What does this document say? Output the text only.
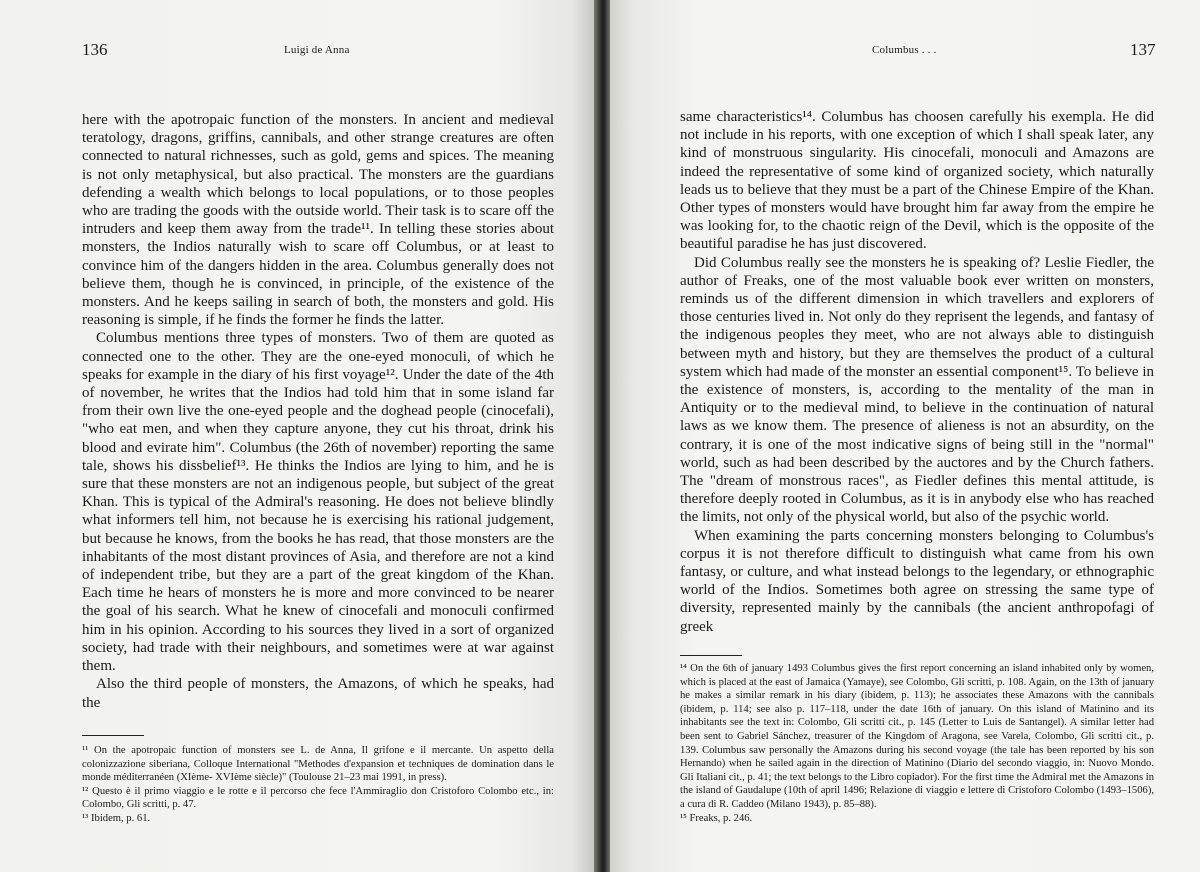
136	Luigi de Anna

here with the apotropaic function of the monsters. In ancient and medieval teratology, dragons, griffins, cannibals, and other strange creatures are often connected to natural richnesses, such as gold, gems and spices. The meaning is not only metaphysical, but also practical. The monsters are the guardians defending a wealth which belongs to local populations, or to those peoples who are trading the goods with the outside world. Their task is to scare off the intruders and keep them away from the trade¹¹. In telling these stories about monsters, the Indios naturally wish to scare off Columbus, or at least to convince him of the dangers hidden in the area. Columbus generally does not believe them, though he is convinced, in principle, of the existence of the monsters. And he keeps sailing in search of both, the monsters and gold. His reasoning is simple, if he finds the former he finds the latter.

Columbus mentions three types of monsters. Two of them are quoted as connected one to the other. They are the one-eyed monoculi, of which he speaks for example in the diary of his first voyage¹². Under the date of the 4th of november, he writes that the Indios had told him that in some island far from their own live the one-eyed people and the doghead people (cinocefali), "who eat men, and when they capture anyone, they cut his throat, drink his blood and evirate him". Columbus (the 26th of november) reporting the same tale, shows his dissbelief¹³. He thinks the Indios are lying to him, and he is sure that these monsters are not an indigenous people, but subject of the great Khan. This is typical of the Admiral's reasoning. He does not believe blindly what informers tell him, not because he is exercising his rational judgement, but because he knows, from the books he has read, that those monsters are the inhabitants of the most distant provinces of Asia, and therefore are not a kind of independent tribe, but they are a part of the great kingdom of the Khan. Each time he hears of monsters he is more and more convinced to be nearer the goal of his search. What he knew of cinocefali and monoculi confirmed him in his opinion. According to his sources they lived in a sort of organized society, had trade with their neighbours, and sometimes were at war against them.

Also the third people of monsters, the Amazons, of which he speaks, had the

¹¹ On the apotropaic function of monsters see L. de Anna, Il grifone e il mercante. Un aspetto della colonizzazione siberiana, Colloque International "Methodes d'expansion et techniques de domination dans le monde méditerranéen (XIème- XVIème siècle)" (Toulouse 21–23 mai 1991, in press).

¹² Questo è il primo viaggio e le rotte e il percorso che fece l'Ammiraglio don Cristoforo Colombo etc., in: Colombo, Gli scritti, p. 47.

¹³ Ibidem, p. 61.

Columbus . . .	137

same characteristics¹⁴. Columbus has choosen carefully his exempla. He did not include in his reports, with one exception of which I shall speak later, any kind of monstruous singularity. His cinocefali, monoculi and Amazons are indeed the representative of some kind of organized society, which naturally leads us to believe that they must be a part of the Chinese Empire of the Khan. Other types of monsters would have brought him far away from the empire he was looking for, to the chaotic reign of the Devil, which is the opposite of the beautiful paradise he has just discovered.

Did Columbus really see the monsters he is speaking of? Leslie Fiedler, the author of Freaks, one of the most valuable book ever written on monsters, reminds us of the different dimension in which travellers and explorers of those centuries lived in. Not only do they reprisent the legends, and fantasy of the indigenous peoples they meet, who are not always able to distinguish between myth and history, but they are themselves the product of a cultural system which had made of the monster an essential component¹⁵. To believe in the existence of monsters, is, according to the mentality of the man in Antiquity or to the medieval mind, to believe in the continuation of natural laws as we know them. The presence of alieness is not an absurdity, on the contrary, it is one of the most indicative signs of being still in the "normal" world, such as had been described by the auctores and by the Church fathers. The "dream of monstrous races", as Fiedler defines this mental attitude, is therefore deeply rooted in Columbus, as it is in anybody else who has reached the limits, not only of the physical world, but also of the psychic world.

When examining the parts concerning monsters belonging to Columbus's corpus it is not therefore difficult to distinguish what came from his own fantasy, or culture, and what instead belongs to the legendary, or ethnographic world of the Indios. Sometimes both agree on stressing the same type of diversity, represented mainly by the cannibals (the ancient anthropofagi of greek

¹⁴ On the 6th of january 1493 Columbus gives the first report concerning an island inhabited only by women, which is placed at the east of Jamaica (Yamaye), see Colombo, Gli scritti, p. 108. Again, on the 13th of january he makes a similar remark in his diary (ibidem, p. 113); he associates these Amazons with the cannibals (ibidem, p. 114; see also p. 117–118, under the date 16th of january. On this island of Matinino and its inhabitants see the text in: Colombo, Gli scritti cit., p. 145 (Letter to Luis de Santangel). A similar letter had been sent to Gabriel Sánchez, treasurer of the Kingdom of Aragona, see Varela, Colombo, Gli scritti cit., p. 139. Columbus saw personally the Amazons during his second voyage (the tale has been reported by his son Hernando) when he sailed again in the direction of Matinino (Diario del secondo viaggio, in: Nuovo Mondo. Gli Italiani cit., p. 41; the text belongs to the Libro copiador). For the first time the Admiral met the Amazons in the island of Gaudalupe (10th of april 1496; Relazione di viaggio e lettere di Cristoforo Colombo (1493–1506), a cura di R. Caddeo (Milano 1943), p. 85–88).

¹⁵ Freaks, p. 246.
